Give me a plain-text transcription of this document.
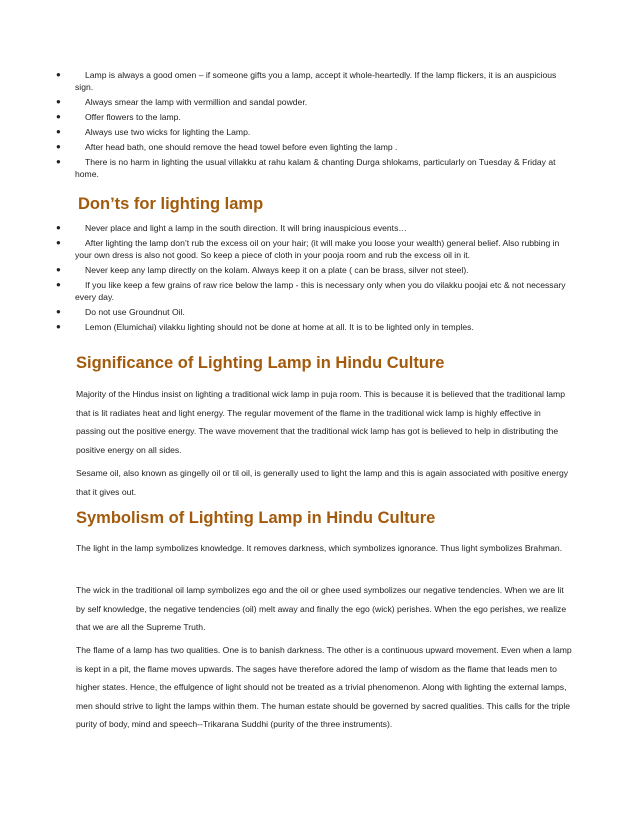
●	Lamp is always a good omen – if someone gifts you a lamp, accept it whole-heartedly. If the lamp flickers, it is an auspicious sign.
●	Always smear the lamp with vermillion and sandal powder.
●	Offer flowers to the lamp.
●	Always use two wicks for lighting the Lamp.
●	After head bath, one should remove the head towel before even lighting the lamp .
●	There is no harm in lighting the usual villakku at rahu kalam & chanting Durga shlokams, particularly on Tuesday & Friday at home.
Don’ts for lighting lamp
●	Never place and light a lamp in the south direction. It will bring inauspicious events…
●	After lighting the lamp don’t rub the excess oil on your hair; (it will make you loose your wealth) general belief. Also rubbing in your own dress is also not good. So keep a piece of cloth in your pooja room and rub the excess oil in it.
●	Never keep any lamp directly on the kolam. Always keep it on a plate ( can be brass, silver not steel).
●	If you like keep a few grains of raw rice below the lamp - this is necessary only when you do vilakku poojai etc & not necessary every day.
●	Do not use Groundnut Oil.
●	Lemon (Elumichai) vilakku lighting should not be done at home at all. It is to be lighted only in temples.
Significance of Lighting Lamp in Hindu Culture

Majority of the Hindus insist on lighting a traditional wick lamp in puja room. This is because it is believed that the traditional lamp that is lit radiates heat and light energy. The regular movement of the flame in the traditional wick lamp is highly effective in passing out the positive energy. The wave movement that the traditional wick lamp has got is believed to help in distributing the positive energy on all sides.

Sesame oil, also known as gingelly oil or til oil, is generally used to light the lamp and this is again associated with positive energy that it gives out.

Symbolism of Lighting Lamp in Hindu Culture

The light in the lamp symbolizes knowledge. It removes darkness, which symbolizes ignorance. Thus light symbolizes Brahman.

The wick in the traditional oil lamp symbolizes ego and the oil or ghee used symbolizes our negative tendencies. When we are lit by self knowledge, the negative tendencies (oil) melt away and finally the ego (wick) perishes. When the ego perishes, we realize that we are all the Supreme Truth.

The flame of a lamp has two qualities. One is to banish darkness. The other is a continuous upward movement. Even when a lamp is kept in a pit, the flame moves upwards. The sages have therefore adored the lamp of wisdom as the flame that leads men to higher states. Hence, the effulgence of light should not be treated as a trivial phenomenon. Along with lighting the external lamps, men should strive to light the lamps within them. The human estate should be governed by sacred qualities. This calls for the triple purity of body, mind and speech--Trikarana Suddhi (purity of the three instruments).
